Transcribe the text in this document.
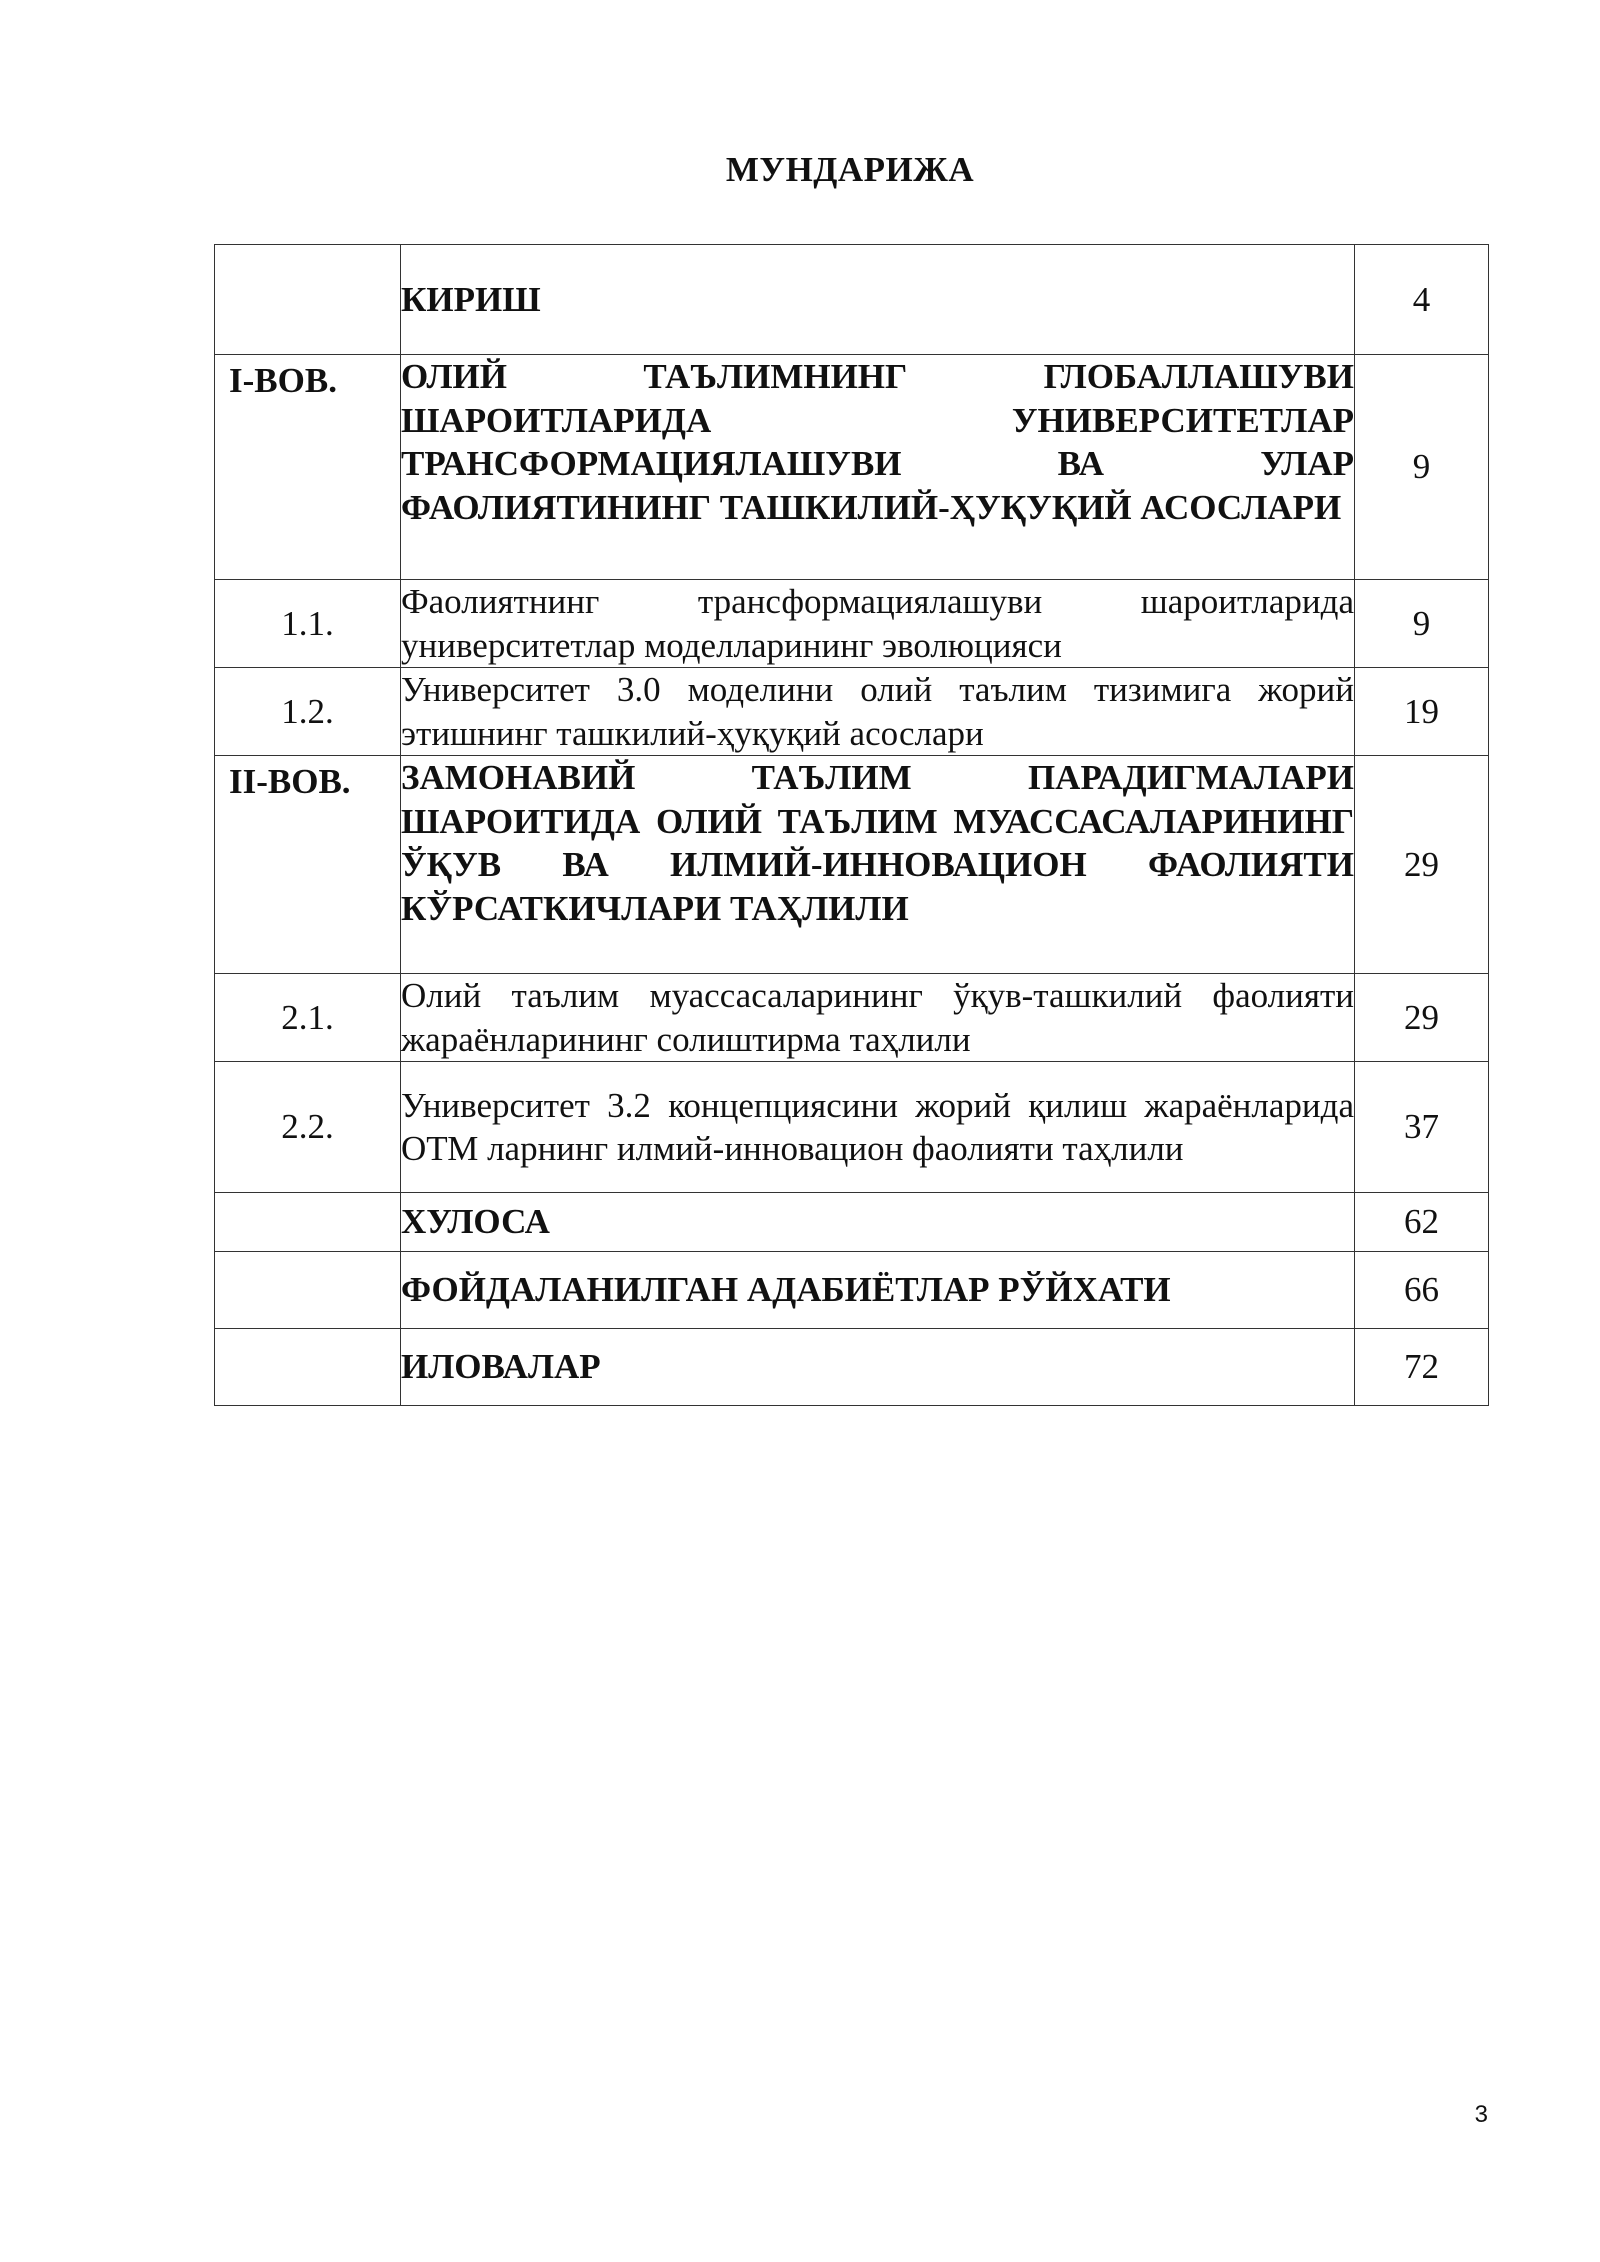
МУНДАРИЖА
	КИРИШ	4
I-BOB.	ОЛИЙ ТАЪЛИМНИНГ ГЛОБАЛЛАШУВИ ШАРОИТЛАРИДА УНИВЕРСИТЕТЛАР ТРАНСФОРМАЦИЯЛАШУВИ ВА УЛАР ФАОЛИЯТИНИНГ ТАШКИЛИЙ-ҲУҚУҚИЙ АСОСЛАРИ	9
1.1.	Фаолиятнинг трансформациялашуви шароитларида университетлар моделларининг эволюцияси	9
1.2.	Университет 3.0 моделини олий таълим тизимига жорий этишнинг ташкилий-ҳуқуқий асослари	19
II-BOB.	ЗАМОНАВИЙ ТАЪЛИМ ПАРАДИГМАЛАРИ ШАРОИТИДА ОЛИЙ ТАЪЛИМ МУАССАСАЛАРИНИНГ ЎҚУВ ВА ИЛМИЙ-ИННОВАЦИОН ФАОЛИЯТИ КЎРСАТКИЧЛАРИ ТАҲЛИЛИ	29
2.1.	Олий таълим муассасаларининг ўқув-ташкилий фаолияти жараёнларининг солиштирма таҳлили	29
2.2.	Университет 3.2 концепциясини жорий қилиш жараёнларида ОТМ ларнинг илмий-инновацион фаолияти таҳлили	37
	ХУЛОСА	62
	ФОЙДАЛАНИЛГАН АДАБИЁТЛАР РЎЙХАТИ	66
	ИЛОВАЛАР	72
3
